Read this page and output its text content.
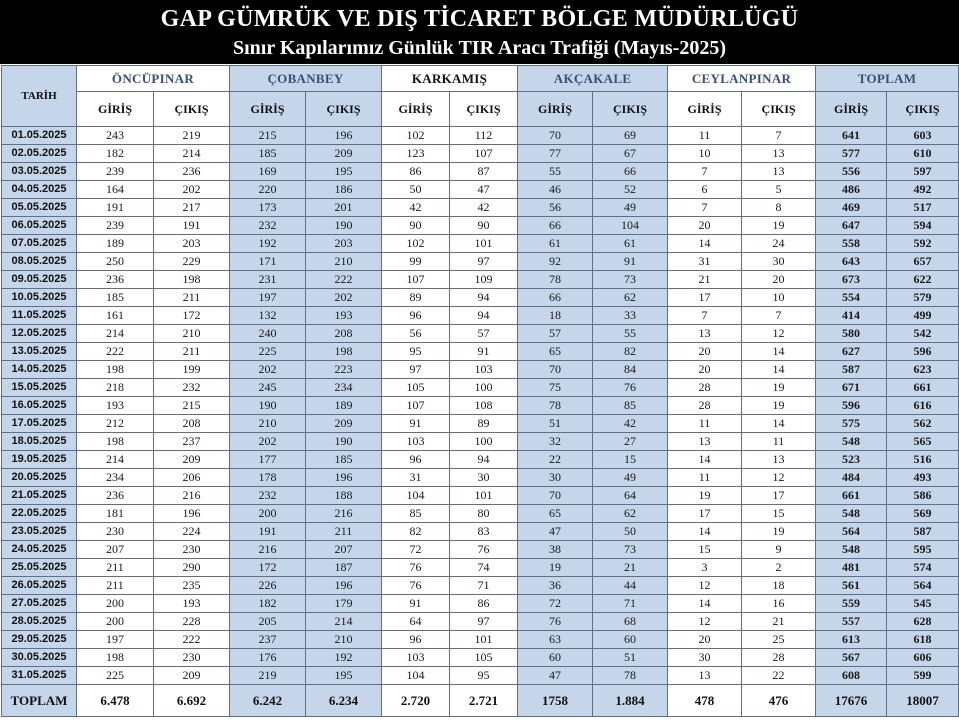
GAP GÜMRÜK VE DIŞ TİCARET BÖLGE MÜDÜRLÜGÜ
Sınır Kapılarımız Günlük TIR Aracı Trafiği (Mayıs-2025)
TARİH	ÖNCÜPINAR		ÇOBANBEY		KARKAMIŞ		AKÇAKALE		CEYLANPINAR		TOPLAM	
	GİRİŞ	ÇIKIŞ	GİRİŞ	ÇIKIŞ	GİRİŞ	ÇIKIŞ	GİRİŞ	ÇIKIŞ	GİRİŞ	ÇIKIŞ	GİRİŞ	ÇIKIŞ
01.05.2025	243	219	215	196	102	112	70	69	11	7	641	603
02.05.2025	182	214	185	209	123	107	77	67	10	13	577	610
03.05.2025	239	236	169	195	86	87	55	66	7	13	556	597
04.05.2025	164	202	220	186	50	47	46	52	6	5	486	492
05.05.2025	191	217	173	201	42	42	56	49	7	8	469	517
06.05.2025	239	191	232	190	90	90	66	104	20	19	647	594
07.05.2025	189	203	192	203	102	101	61	61	14	24	558	592
08.05.2025	250	229	171	210	99	97	92	91	31	30	643	657
09.05.2025	236	198	231	222	107	109	78	73	21	20	673	622
10.05.2025	185	211	197	202	89	94	66	62	17	10	554	579
11.05.2025	161	172	132	193	96	94	18	33	7	7	414	499
12.05.2025	214	210	240	208	56	57	57	55	13	12	580	542
13.05.2025	222	211	225	198	95	91	65	82	20	14	627	596
14.05.2025	198	199	202	223	97	103	70	84	20	14	587	623
15.05.2025	218	232	245	234	105	100	75	76	28	19	671	661
16.05.2025	193	215	190	189	107	108	78	85	28	19	596	616
17.05.2025	212	208	210	209	91	89	51	42	11	14	575	562
18.05.2025	198	237	202	190	103	100	32	27	13	11	548	565
19.05.2025	214	209	177	185	96	94	22	15	14	13	523	516
20.05.2025	234	206	178	196	31	30	30	49	11	12	484	493
21.05.2025	236	216	232	188	104	101	70	64	19	17	661	586
22.05.2025	181	196	200	216	85	80	65	62	17	15	548	569
23.05.2025	230	224	191	211	82	83	47	50	14	19	564	587
24.05.2025	207	230	216	207	72	76	38	73	15	9	548	595
25.05.2025	211	290	172	187	76	74	19	21	3	2	481	574
26.05.2025	211	235	226	196	76	71	36	44	12	18	561	564
27.05.2025	200	193	182	179	91	86	72	71	14	16	559	545
28.05.2025	200	228	205	214	64	97	76	68	12	21	557	628
29.05.2025	197	222	237	210	96	101	63	60	20	25	613	618
30.05.2025	198	230	176	192	103	105	60	51	30	28	567	606
31.05.2025	225	209	219	195	104	95	47	78	13	22	608	599
TOPLAM	6.478	6.692	6.242	6.234	2.720	2.721	1758	1.884	478	476	17676	18007
